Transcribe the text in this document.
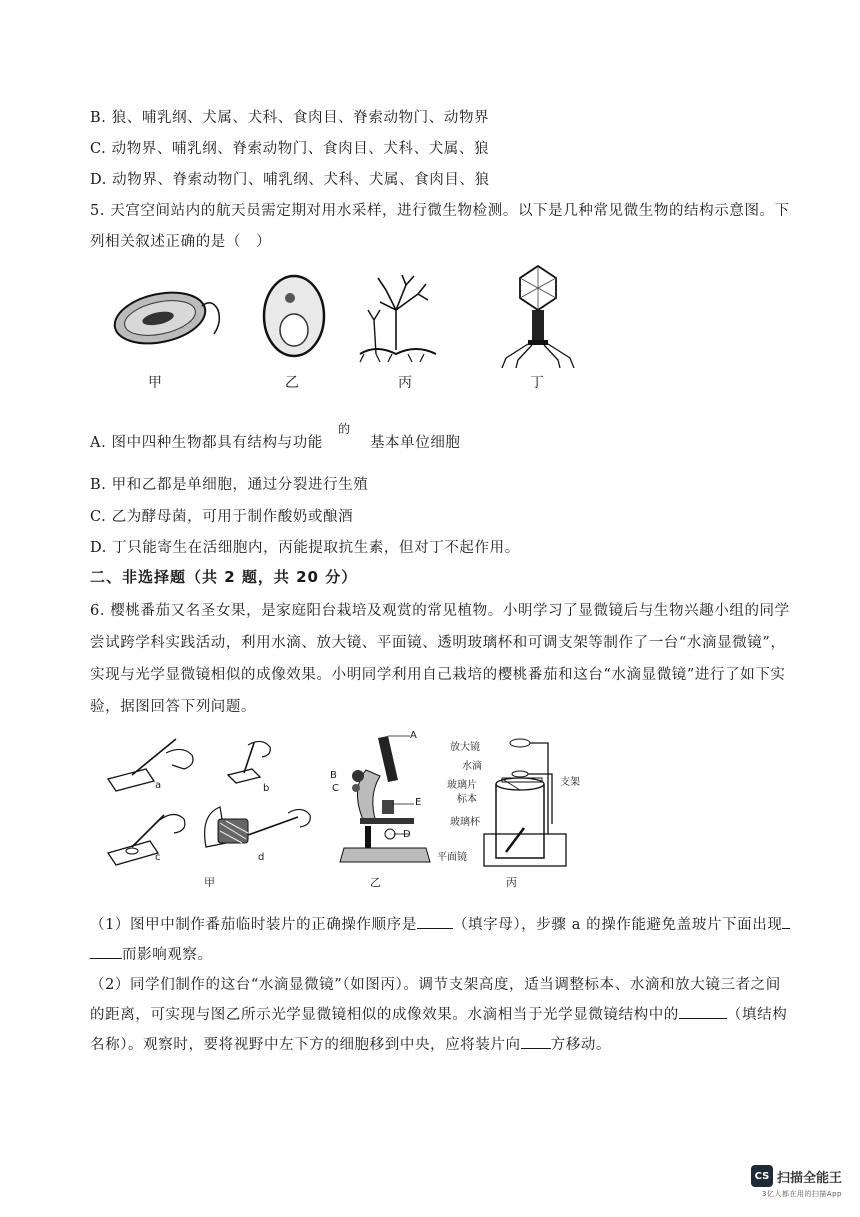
B. 狼、哺乳纲、犬属、犬科、食肉目、脊索动物门、动物界
C. 动物界、哺乳纲、脊索动物门、食肉目、犬科、犬属、狼
D. 动物界、脊索动物门、哺乳纲、犬科、犬属、食肉目、狼
5. 天宫空间站内的航天员需定期对用水采样，进行微生物检测。以下是几种常见微生物的结构示意图。下
列相关叙述正确的是（　）
甲	乙	丙	丁
A. 图中四种生物都具有结构与功能 $^的$ 基本单位细胞
B. 甲和乙都是单细胞，通过分裂进行生殖
C. 乙为酵母菌，可用于制作酸奶或酿酒
D. 丁只能寄生在活细胞内，丙能提取抗生素，但对丁不起作用。
二、非选择题（共 2 题，共 20 分）
6. 樱桃番茄又名圣女果，是家庭阳台栽培及观赏的常见植物。小明学习了显微镜后与生物兴趣小组的同学
尝试跨学科实践活动，利用水滴、放大镜、平面镜、透明玻璃杯和可调支架等制作了一台“水滴显微镜”，
实现与光学显微镜相似的成像效果。小明同学利用自己栽培的樱桃番茄和这台“水滴显微镜”进行了如下实
验，据图回答下列问题。
a	b
c	d
甲
A
B
C
D
E
乙
放大镜
水滴
玻璃片
标本
支架
玻璃杯
平面镜
丙
（1）图甲中制作番茄临时装片的正确操作顺序是 （填字母），步骤 a 的操作能避免盖玻片下面出现
而影响观察。
（2）同学们制作的这台“水滴显微镜”（如图丙）。调节支架高度，适当调整标本、水滴和放大镜三者之间
的距离，可实现与图乙所示光学显微镜相似的成像效果。水滴相当于光学显微镜结构中的	（填结构
名称）。观察时，要将视野中左下方的细胞移到中央，应将装片向 方移动。
CS 扫描全能王
3亿人都在用的扫描App
